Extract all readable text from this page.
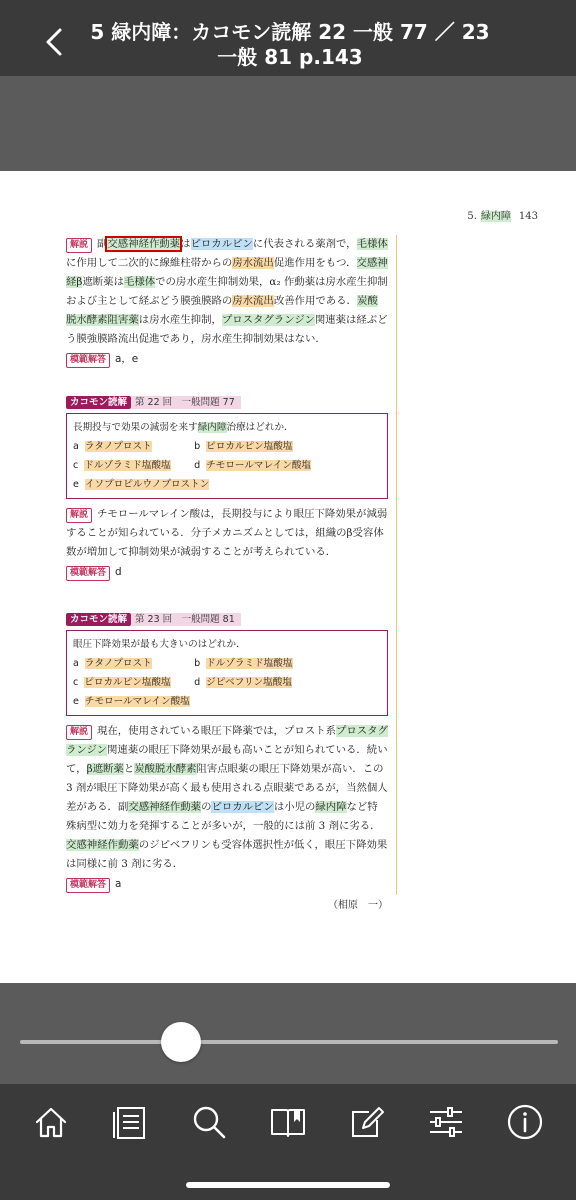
5 緑内障：カコモン読解 22 一般 77 ／ 23
一般 81 p.143
5. 緑内障 143

解説 副交感神経作動薬はピロカルピンに代表される薬剤で，毛様体に作用して二次的に線維柱帯からの房水流出促進作用をもつ．交感神経β遮断薬は毛様体での房水産生抑制効果，α₂ 作動薬は房水産生抑制および主として経ぶどう膜強膜路の房水流出改善作用である．炭酸脱水酵素阻害薬は房水産生抑制，プロスタグランジン関連薬は経ぶどう膜強膜路流出促進であり，房水産生抑制効果はない．

模範解答 a，e

カコモン読解 第 22 回　一般問題 77
長期投与で効果の減弱を来す緑内障治療はどれか．
a ラタノプロスト	b ピロカルピン塩酸塩
c ドルゾラミド塩酸塩 d チモロールマレイン酸塩
e イソプロピルウノプロストン

解説 チモロールマレイン酸は，長期投与により眼圧下降効果が減弱することが知られている．分子メカニズムとしては，組織のβ受容体数が増加して抑制効果が減弱することが考えられている．

模範解答 d

カコモン読解 第 23 回　一般問題 81
眼圧下降効果が最も大きいのはどれか．
a ラタノプロスト	b ドルゾラミド塩酸塩
c ピロカルピン塩酸塩 d ジピベフリン塩酸塩
e チモロールマレイン酸塩

解説 現在，使用されている眼圧下降薬では，プロスト系プロスタグランジン関連薬の眼圧下降効果が最も高いことが知られている．続いて，β遮断薬と炭酸脱水酵素阻害点眼薬の眼圧下降効果が高い．この 3 剤が眼圧下降効果が高く最も使用される点眼薬であるが，当然個人差がある．副交感神経作動薬のピロカルピンは小児の緑内障など特殊病型に効力を発揮することが多いが，一般的には前 3 剤に劣る．交感神経作動薬のジピベフリンも受容体選択性が低く，眼圧下降効果は同様に前 3 剤に劣る．

模範解答 a

（相原　一）
